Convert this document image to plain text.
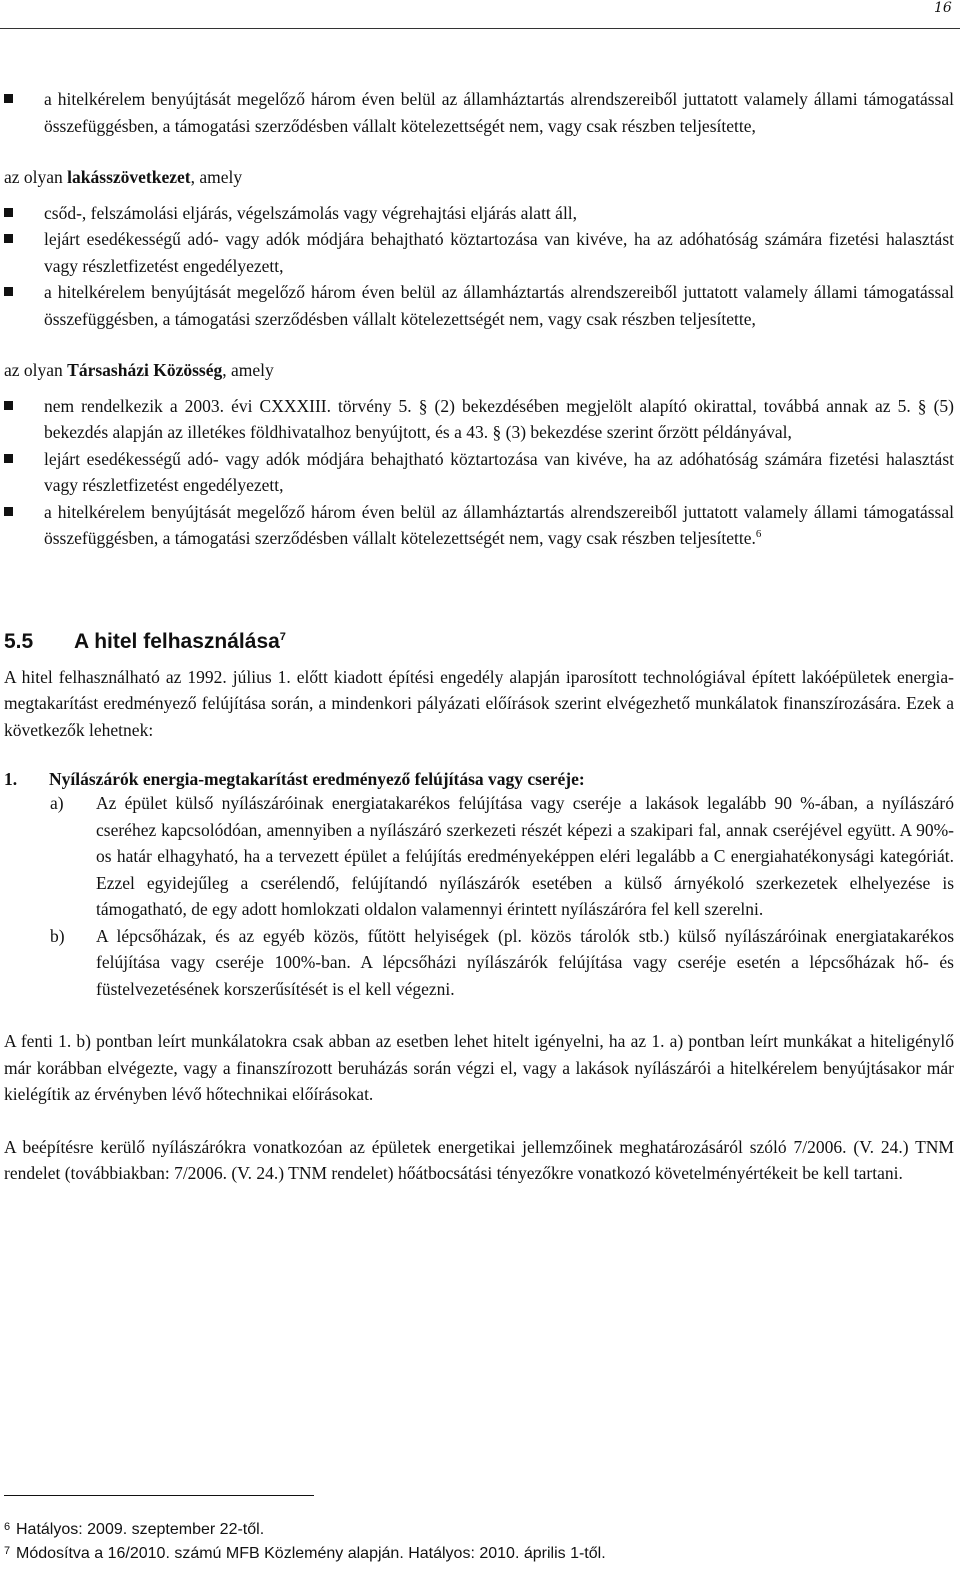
16
a hitelkérelem benyújtását megelőző három éven belül az államháztartás alrendszereiből juttatott valamely állami támogatással összefüggésben, a támogatási szerződésben vállalt kötelezettségét nem, vagy csak részben teljesítette,
az olyan lakásszövetkezet, amely
csőd-, felszámolási eljárás, végelszámolás vagy végrehajtási eljárás alatt áll,
lejárt esedékességű adó- vagy adók módjára behajtható köztartozása van kivéve, ha az adóhatóság számára fizetési halasztást vagy részletfizetést engedélyezett,
a hitelkérelem benyújtását megelőző három éven belül az államháztartás alrendszereiből juttatott valamely állami támogatással összefüggésben, a támogatási szerződésben vállalt kötelezettségét nem, vagy csak részben teljesítette,
az olyan Társasházi Közösség, amely
nem rendelkezik a 2003. évi CXXXIII. törvény 5. § (2) bekezdésében megjelölt alapító okirattal, továbbá annak az 5. § (5) bekezdés alapján az illetékes földhivatalhoz benyújtott, és a 43. § (3) bekezdése szerint őrzött példányával,
lejárt esedékességű adó- vagy adók módjára behajtható köztartozása van kivéve, ha az adóhatóság számára fizetési halasztást vagy részletfizetést engedélyezett,
a hitelkérelem benyújtását megelőző három éven belül az államháztartás alrendszereiből juttatott valamely állami támogatással összefüggésben, a támogatási szerződésben vállalt kötelezettségét nem, vagy csak részben teljesítette.$^6$
5.5 A hitel felhasználása$^7$

A hitel felhasználható az 1992. július 1. előtt kiadott építési engedély alapján iparosított technológiával épített lakóépületek energia-megtakarítást eredményező felújítása során, a mindenkori pályázati előírások szerint elvégezhető munkálatok finanszírozására. Ezek a következők lehetnek:

1. Nyílászárók energia-megtakarítást eredményező felújítása vagy cseréje:
a) Az épület külső nyílászáróinak energiatakarékos felújítása vagy cseréje a lakások legalább 90 %-ában, a nyílászáró cseréhez kapcsolódóan, amennyiben a nyílászáró szerkezeti részét képezi a szakipari fal, annak cseréjével együtt. A 90%-os határ elhagyható, ha a tervezett épület a felújítás eredményeképpen eléri legalább a C energiahatékonysági kategóriát. Ezzel egyidejűleg a cserélendő, felújítandó nyílászárók esetében a külső árnyékoló szerkezetek elhelyezése is támogatható, de egy adott homlokzati oldalon valamennyi érintett nyílászáróra fel kell szerelni.
b) A lépcsőházak, és az egyéb közös, fűtött helyiségek (pl. közös tárolók stb.) külső nyílászáróinak energiatakarékos felújítása vagy cseréje 100%-ban. A lépcsőházi nyílászárók felújítása vagy cseréje esetén a lépcsőházak hő- és füstelvezetésének korszerűsítését is el kell végezni.

A fenti 1. b) pontban leírt munkálatokra csak abban az esetben lehet hitelt igényelni, ha az 1. a) pontban leírt munkákat a hiteligénylő már korábban elvégezte, vagy a finanszírozott beruházás során végzi el, vagy a lakások nyílászárói a hitelkérelem benyújtásakor már kielégítik az érvényben lévő hőtechnikai előírásokat.

A beépítésre kerülő nyílászárókra vonatkozóan az épületek energetikai jellemzőinek meghatározásáról szóló 7/2006. (V. 24.) TNM rendelet (továbbiakban: 7/2006. (V. 24.) TNM rendelet) hőátbocsátási tényezőkre vonatkozó követelményértékeit be kell tartani.

6 Hatályos: 2009. szeptember 22-től.
7 Módosítva a 16/2010. számú MFB Közlemény alapján. Hatályos: 2010. április 1-től.
